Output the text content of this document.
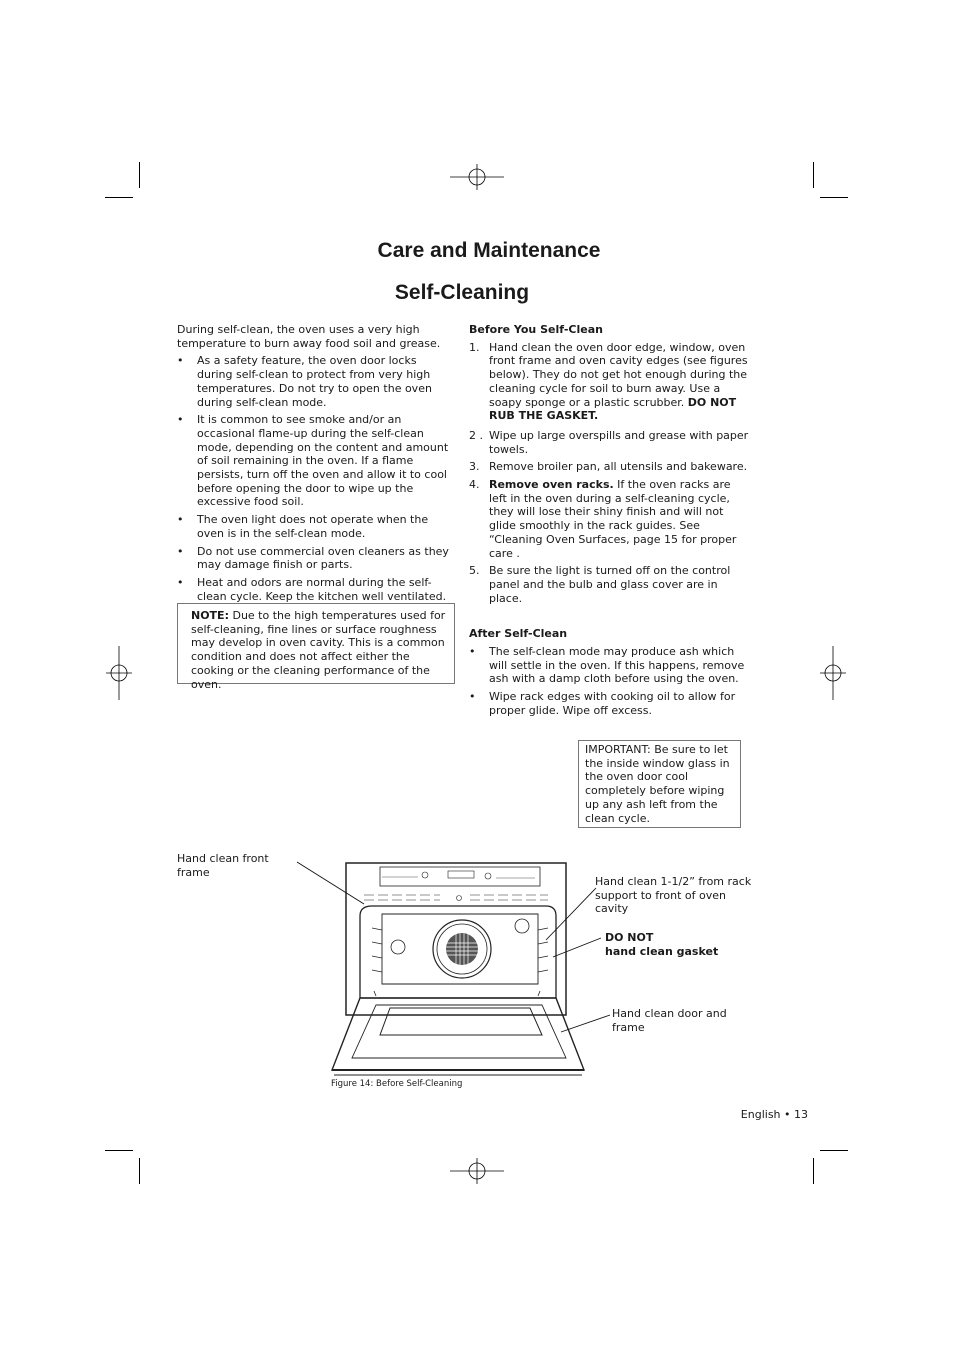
Care and Maintenance
Self-Cleaning

During self-clean, the oven uses a very high temperature to burn away food soil and grease.

• As a safety feature, the oven door locks during self-clean to protect from very high temperatures. Do not try to open the oven during self-clean mode.
• It is common to see smoke and/or an occasional flame-up during the self-clean mode, depending on the content and amount of soil remaining in the oven. If a flame persists, turn off the oven and allow it to cool before opening the door to wipe up the excessive food soil.
• The oven light does not operate when the oven is in the self-clean mode.
• Do not use commercial oven cleaners as they may damage finish or parts.
• Heat and odors are normal during the self-clean cycle. Keep the kitchen well ventilated.
NOTE: Due to the high temperatures used for self-cleaning, fine lines or surface roughness may develop in oven cavity. This is a common condition and does not affect either the cooking or the cleaning performance of the oven.

Before You Self-Clean

1. Hand clean the oven door edge, window, oven front frame and oven cavity edges (see figures below). They do not get hot enough during the cleaning cycle for soil to burn away. Use a soapy sponge or a plastic scrubber. DO NOT RUB THE GASKET.
2 . Wipe up large overspills and grease with paper towels.
3. Remove broiler pan, all utensils and bakeware.
4. Remove oven racks. If the oven racks are left in the oven during a self-cleaning cycle, they will lose their shiny finish and will not glide smoothly in the rack guides. See “Cleaning Oven Surfaces, page 15 for proper care .
5. Be sure the light is turned off on the control panel and the bulb and glass cover are in place.

After Self-Clean

• The self-clean mode may produce ash which will settle in the oven. If this happens, remove ash with a damp cloth before using the oven.
• Wipe rack edges with cooking oil to allow for proper glide. Wipe off excess.
IMPORTANT: Be sure to let the inside window glass in the oven door cool completely before wiping up any ash left from the clean cycle.
Hand clean front frame
Hand clean 1-1/2” from rack support to front of oven cavity
DO NOT
hand clean gasket
Hand clean door and frame
Figure 14: Before Self-Cleaning
English • 13
